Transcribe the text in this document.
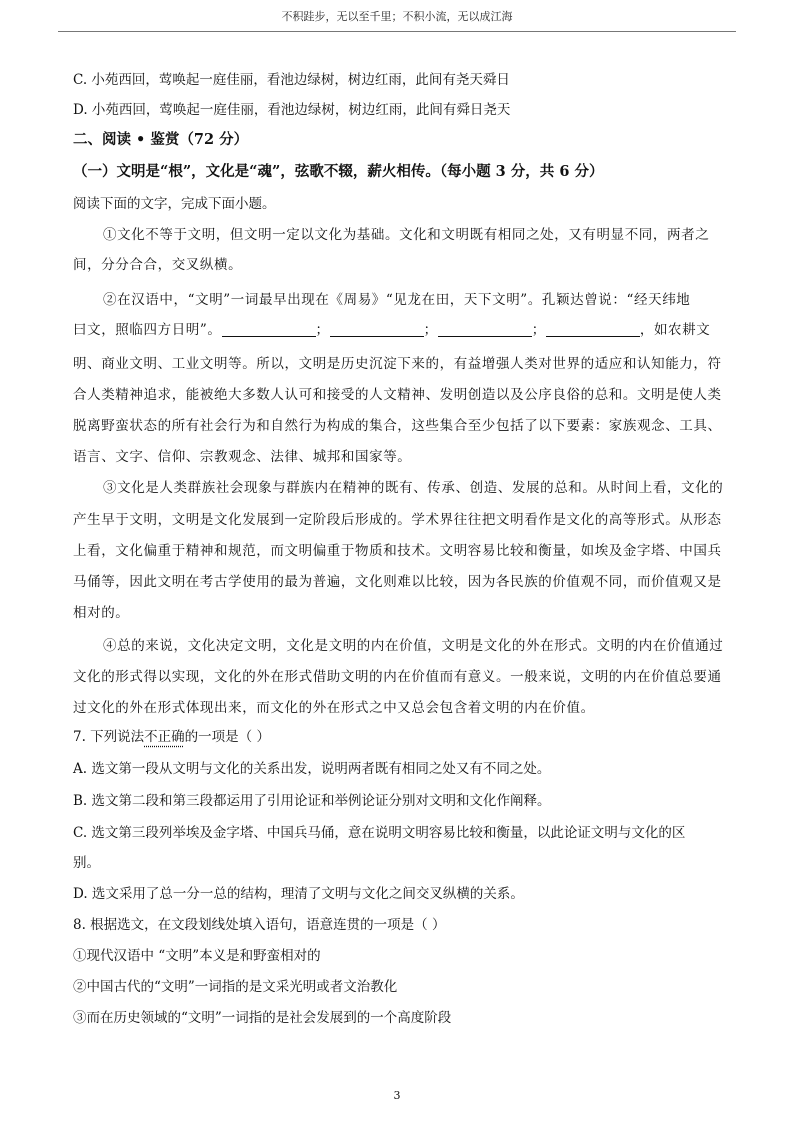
不积跬步，无以至千里；不积小流，无以成江海
C. 小苑西回，莺唤起一庭佳丽，看池边绿树，树边红雨，此间有尧天舜日
D. 小苑西回，莺唤起一庭佳丽，看池边绿树，树边红雨，此间有舜日尧天
二、阅读 • 鉴赏（72 分）
（一）文明是“根”，文化是“魂”，弦歌不辍，薪火相传。（每小题 3 分，共 6 分）
阅读下面的文字，完成下面小题。
①文化不等于文明，但文明一定以文化为基础。文化和文明既有相同之处，又有明显不同，两者之
间，分分合合，交叉纵横。
②在汉语中，“文明”一词最早出现在《周易》“见龙在田，天下文明”。孔颖达曾说：“经天纬地
曰文，照临四方日明”。	；	；	；	，如农耕文
明、商业文明、工业文明等。所以，文明是历史沉淀下来的，有益增强人类对世界的适应和认知能力，符
合人类精神追求，能被绝大多数人认可和接受的人文精神、发明创造以及公序良俗的总和。文明是使人类
脱离野蛮状态的所有社会行为和自然行为构成的集合，这些集合至少包括了以下要素：家族观念、工具、
语言、文字、信仰、宗教观念、法律、城邦和国家等。
③文化是人类群族社会现象与群族内在精神的既有、传承、创造、发展的总和。从时间上看，文化的
产生早于文明，文明是文化发展到一定阶段后形成的。学术界往往把文明看作是文化的高等形式。从形态
上看，文化偏重于精神和规范，而文明偏重于物质和技术。文明容易比较和衡量，如埃及金字塔、中国兵
马俑等，因此文明在考古学使用的最为普遍，文化则难以比较，因为各民族的价值观不同，而价值观又是
相对的。
④总的来说，文化决定文明，文化是文明的内在价值，文明是文化的外在形式。文明的内在价值通过
文化的形式得以实现，文化的外在形式借助文明的内在价值而有意义。一般来说，文明的内在价值总要通
过文化的外在形式体现出来，而文化的外在形式之中又总会包含着文明的内在价值。
7. 下列说法不正确的一项是（ ）
A. 选文第一段从文明与文化的关系出发，说明两者既有相同之处又有不同之处。
B. 选文第二段和第三段都运用了引用论证和举例论证分别对文明和文化作阐释。
C. 选文第三段列举埃及金字塔、中国兵马俑，意在说明文明容易比较和衡量，以此论证文明与文化的区
别。
D. 选文采用了总一分一总的结构，理清了文明与文化之间交叉纵横的关系。
8. 根据选文，在文段划线处填入语句，语意连贯的一项是（ ）
①现代汉语中 “文明”本义是和野蛮相对的
②中国古代的“文明”一词指的是文采光明或者文治教化
③而在历史领域的“文明”一词指的是社会发展到的一个高度阶段
3
